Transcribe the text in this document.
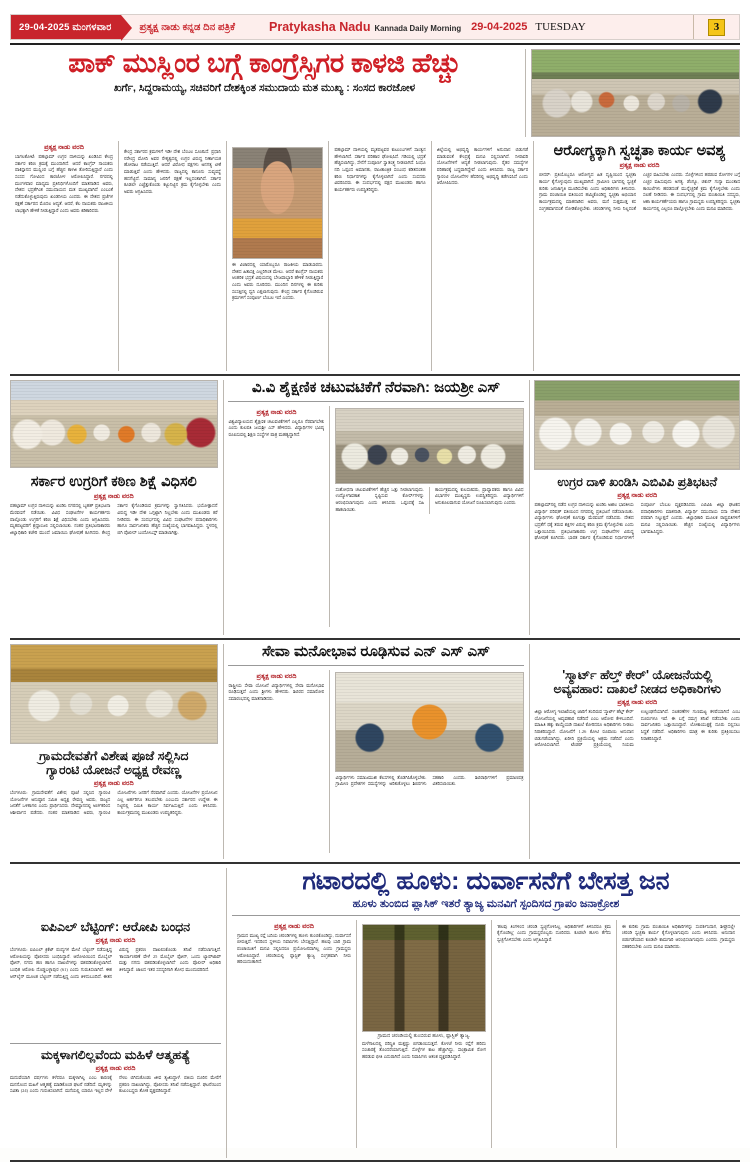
29-04-2025 ಮಂಗಳವಾರ	ಪ್ರತ್ಯಕ್ಷ ನಾಡು ಕನ್ನಡ ದಿನ ಪತ್ರಿಕೆ	Pratykasha Nadu Kannada Daily Morning 29-04-2025 TUESDAY	3
ಪಾಕ್ ಮುಸ್ಲಿಂರ ಬಗ್ಗೆ ಕಾಂಗ್ರೆಸ್ಸಿಗರ ಕಾಳಜಿ ಹೆಚ್ಚು
ಖರ್ಗೆ, ಸಿದ್ದರಾಮಯ್ಯ, ಸಚಿವರಿಗೆ ದೇಶಕ್ಕಿಂತ ಸಮುದಾಯ ಮತ ಮುಖ್ಯ : ಸಂಸದ ಕಾರಜೋಳ
ಪ್ರತ್ಯಕ್ಷ ನಾಡು ವರದಿ
ಬಾಗಲಕೋಟೆ: ಪಹಲ್ಗಾಮ್ ಉಗ್ರರ ದಾಳಿಯನ್ನು ಖಂಡಿಸಿದ ಕೇಂದ್ರ ಸರ್ಕಾರ ಕಠಿಣ ಕ್ರಮಕ್ಕೆ ಮುಂದಾಗಿದೆ. ಆದರೆ ಕಾಂಗ್ರೆಸ್ ನಾಯಕರು ಪಾಕಿಸ್ತಾನದ ಮುಸ್ಲಿಂರ ಬಗ್ಗೆ ಹೆಚ್ಚಿನ ಕಾಳಜಿ ತೋರಿಸುತ್ತಿದ್ದಾರೆ ಎಂದು ಸಂಸದ ಗೋವಿಂದ ಕಾರಜೋಳ ಆರೋಪಿಸಿದ್ದಾರೆ. ನಗರದಲ್ಲಿ ಮಂಗಳವಾರ ಮಾಧ್ಯಮ ಪ್ರತಿನಿಧಿಗಳೊಂದಿಗೆ ಮಾತನಾಡಿದ ಅವರು, ದೇಶದ ಭದ್ರತೆಗಿಂತ ಸಮುದಾಯದ ಮತ ಮುಖ್ಯವಾಗಿದೆ ಎಂಬಂತೆ ನಡೆದುಕೊಳ್ಳುತ್ತಿರುವುದು ಖಂಡನೀಯ ಎಂದರು. ಈ ದೇಶದ ಪ್ರಜೆಗಳ ರಕ್ಷಣೆ ಸರ್ಕಾರದ ಮೊದಲ ಆದ್ಯತೆ. ಆದರೆ, ಕೆಲ ನಾಯಕರು ರಾಜಕೀಯ ಲಾಭಕ್ಕಾಗಿ ಹೇಳಿಕೆ ನೀಡುತ್ತಿದ್ದಾರೆ ಎಂದು ಅವರು ಕಿಡಿಕಾರಿದರು.
ಕೇಂದ್ರ ಸರ್ಕಾರದ ಕ್ರಮಗಳಿಗೆ ಇಡೀ ದೇಶ ಬೆಂಬಲ ಸೂಚಿಸಿದೆ. ಪ್ರಧಾನಿ ನರೇಂದ್ರ ಮೋದಿ ಅವರ ನೇತೃತ್ವದಲ್ಲಿ ಉಗ್ರರ ವಿರುದ್ಧ ನಿರ್ಣಾಯಕ ಹೋರಾಟ ನಡೆಯುತ್ತಿದೆ. ಆದರೆ ವಿರೋಧ ಪಕ್ಷಗಳು ಅನಗತ್ಯ ಟೀಕೆ ಮಾಡುತ್ತಿವೆ ಎಂದು ಹೇಳಿದರು. ರಾಜ್ಯದಲ್ಲಿ ಕಾನೂನು ಸುವ್ಯವಸ್ಥೆ ಹದಗೆಟ್ಟಿದೆ. ಸಾಮಾನ್ಯ ಜನರಿಗೆ ರಕ್ಷಣೆ ಇಲ್ಲದಂತಾಗಿದೆ. ಸರ್ಕಾರ ಕೂಡಲೇ ಎಚ್ಚೆತ್ತುಕೊಂಡು ಕಟ್ಟುನಿಟ್ಟಿನ ಕ್ರಮ ಕೈಗೊಳ್ಳಬೇಕು ಎಂದು ಅವರು ಆಗ್ರಹಿಸಿದರು.
ಈ ವಿಚಾರದಲ್ಲಿ ಯಾರೊಬ್ಬರೂ ರಾಜಕೀಯ ಮಾಡಬಾರದು. ದೇಶದ ಹಿತಾಸಕ್ತಿ ಎಲ್ಲರಿಗಿಂತ ಮೇಲು. ಆದರೆ ಕಾಂಗ್ರೆಸ್ ನಾಯಕರು ಆಂತರಿಕ ಭದ್ರತೆ ವಿಷಯದಲ್ಲಿ ಬೇಜವಾಬ್ದಾರಿ ಹೇಳಿಕೆ ನೀಡುತ್ತಿದ್ದಾರೆ ಎಂದು ಅವರು ದೂರಿದರು. ಮುಂದಿನ ದಿನಗಳಲ್ಲಿ ಈ ಕುರಿತು ಸಂಸತ್ತಿನಲ್ಲಿ ಧ್ವನಿ ಎತ್ತಲಾಗುವುದು. ಕೇಂದ್ರ ಸರ್ಕಾರ ಕೈಗೊಂಡಿರುವ ಕ್ರಮಗಳಿಗೆ ಸಂಪೂರ್ಣ ಬೆಂಬಲ ಇದೆ ಎಂದರು.
ಪಹಲ್ಗಾಮ್ ದಾಳಿಯಲ್ಲಿ ಮೃತಪಟ್ಟವರ ಕುಟುಂಬಗಳಿಗೆ ಸಾಂತ್ವನ ಹೇಳಲಾಗಿದೆ. ಸರ್ಕಾರ ಪರಿಹಾರ ಘೋಷಿಸಿದೆ. ಗಡಿಯಲ್ಲಿ ಭದ್ರತೆ ಹೆಚ್ಚಿಸಲಾಗಿದ್ದು, ಸೇನೆಗೆ ಸಂಪೂರ್ಣ ಸ್ವಾತಂತ್ರ್ಯ ನೀಡಲಾಗಿದೆ. ಸಿಂಧೂ ನದಿ ಒಪ್ಪಂದ ಅಮಾನತು, ರಾಜತಾಂತ್ರಿಕ ಸಂಬಂಧ ಕಡಿತದಂತಹ ಕಠಿಣ ನಿರ್ಧಾರಗಳನ್ನು ಕೈಗೊಳ್ಳಲಾಗಿದೆ ಎಂದು ಸಂಸದರು ವಿವರಿಸಿದರು. ಈ ಸಂದರ್ಭದಲ್ಲಿ ಪಕ್ಷದ ಮುಖಂಡರು ಹಾಗೂ ಕಾರ್ಯಕರ್ತರು ಉಪಸ್ಥಿತರಿದ್ದರು.
ಜಿಲ್ಲೆಯಲ್ಲಿ ಅಭಿವೃದ್ಧಿ ಕಾರ್ಯಗಳಿಗೆ ಅನುದಾನ ಬಿಡುಗಡೆ ಮಾಡುವಂತೆ ಕೇಂದ್ರಕ್ಕೆ ಮನವಿ ಸಲ್ಲಿಸಲಾಗಿದೆ. ನೀರಾವರಿ ಯೋಜನೆಗಳಿಗೆ ಆದ್ಯತೆ ನೀಡಲಾಗುವುದು. ರೈತರ ಸಮಸ್ಯೆಗಳ ಪರಿಹಾರಕ್ಕೆ ಬದ್ಧವಾಗಿದ್ದೇವೆ ಎಂದು ತಿಳಿಸಿದರು. ರಾಜ್ಯ ಸರ್ಕಾರ ಗ್ಯಾರಂಟಿ ಯೋಜನೆಗಳ ಹೆಸರಿನಲ್ಲಿ ಅಭಿವೃದ್ಧಿ ಕಡೆಗಣಿಸಿದೆ ಎಂದು ಆರೋಪಿಸಿದರು.
ಆರೋಗ್ಯಕ್ಕಾಗಿ ಸ್ವಚ್ಛತಾ ಕಾರ್ಯ ಅವಶ್ಯ
ಪ್ರತ್ಯಕ್ಷ ನಾಡು ವರದಿ
ಬೀದರ್: ಪ್ರತಿಯೊಬ್ಬರೂ ಆರೋಗ್ಯದ ಹಿತ ದೃಷ್ಟಿಯಿಂದ ಸ್ವಚ್ಛತಾ ಕಾರ್ಯ ಕೈಗೊಳ್ಳುವುದು ಮುಖ್ಯವಾಗಿದೆ. ಗ್ರಾಮೀಣ ಭಾಗದಲ್ಲಿ ಸ್ವಚ್ಛತೆ ಕುರಿತು ಜನಜಾಗೃತಿ ಮೂಡಿಸಬೇಕು ಎಂದು ಅಧಿಕಾರಿಗಳು ತಿಳಿಸಿದರು. ಗ್ರಾಮ ಪಂಚಾಯಿತಿ ವತಿಯಿಂದ ಹಮ್ಮಿಕೊಂಡಿದ್ದ ಸ್ವಚ್ಛತಾ ಅಭಿಯಾನ ಕಾರ್ಯಕ್ರಮದಲ್ಲಿ ಮಾತನಾಡಿದ ಅವರು, ಮನೆ ಸುತ್ತಮುತ್ತ ಕಸ ಸಂಗ್ರಹವಾಗದಂತೆ ನೋಡಿಕೊಳ್ಳಬೇಕು. ಚರಂಡಿಗಳಲ್ಲಿ ನೀರು ನಿಲ್ಲದಂತೆ ಎಚ್ಚರ ವಹಿಸಬೇಕು ಎಂದರು. ಸೊಳ್ಳೆಗಳಿಂದ ಹರಡುವ ರೋಗಗಳ ಬಗ್ಗೆ ಎಚ್ಚರ ವಹಿಸುವುದು ಅಗತ್ಯ. ಡೆಂಗ್ಯೂ, ಚಿಕುನ್ ಗುನ್ಯಾ ಮುಂತಾದ ಕಾಯಿಲೆಗಳು ಹರಡದಂತೆ ಮುನ್ನೆಚ್ಚರಿಕೆ ಕ್ರಮ ಕೈಗೊಳ್ಳಬೇಕು ಎಂದು ಸಲಹೆ ನೀಡಿದರು. ಈ ಸಂದರ್ಭದಲ್ಲಿ ಗ್ರಾಮ ಪಂಚಾಯಿತಿ ಸದಸ್ಯರು, ಆಶಾ ಕಾರ್ಯಕರ್ತೆಯರು ಹಾಗೂ ಗ್ರಾಮಸ್ಥರು ಉಪಸ್ಥಿತರಿದ್ದರು. ಸ್ವಚ್ಛತಾ ಕಾರ್ಯದಲ್ಲಿ ಎಲ್ಲರೂ ಪಾಲ್ಗೊಳ್ಳಬೇಕು ಎಂದು ಮನವಿ ಮಾಡಿದರು.
ಸರ್ಕಾರ ಉಗ್ರರಿಗೆ ಕಠಿಣ ಶಿಕ್ಷೆ ವಿಧಿಸಲಿ
ಪ್ರತ್ಯಕ್ಷ ನಾಡು ವರದಿ
ಪಹಲ್ಗಾಮ್ ಉಗ್ರರ ದಾಳಿಯನ್ನು ಖಂಡಿಸಿ ನಗರದಲ್ಲಿ ಬೃಹತ್ ಪ್ರತಿಭಟನಾ ಮೆರವಣಿಗೆ ನಡೆಯಿತು. ವಿವಿಧ ಸಂಘಟನೆಗಳ ಕಾರ್ಯಕರ್ತರು ಪಾಲ್ಗೊಂಡು ಉಗ್ರರಿಗೆ ಕಠಿಣ ಶಿಕ್ಷೆ ವಿಧಿಸಬೇಕು ಎಂದು ಆಗ್ರಹಿಸಿದರು. ಮೃತಪಟ್ಟವರಿಗೆ ಶ್ರದ್ಧಾಂಜಲಿ ಸಲ್ಲಿಸಲಾಯಿತು. ನಂತರ ಪ್ರತಿಭಟನಾಕಾರರು ಜಿಲ್ಲಾಧಿಕಾರಿ ಕಚೇರಿ ಮುಂದೆ ಜಮಾಯಿಸಿ ಘೋಷಣೆ ಕೂಗಿದರು. ಕೇಂದ್ರ ಸರ್ಕಾರ ಕೈಗೊಂಡಿರುವ ಕ್ರಮಗಳನ್ನು ಸ್ವಾಗತಿಸಿದರು. ಭಯೋತ್ಪಾದನೆ ವಿರುದ್ಧ ಇಡೀ ದೇಶ ಒಗ್ಗಟ್ಟಾಗಿ ನಿಲ್ಲಬೇಕು ಎಂದು ಮುಖಂಡರು ಕರೆ ನೀಡಿದರು. ಈ ಸಂದರ್ಭದಲ್ಲಿ ವಿವಿಧ ಸಂಘಟನೆಗಳ ಪದಾಧಿಕಾರಿಗಳು ಹಾಗೂ ಸಾರ್ವಜನಿಕರು ಹೆಚ್ಚಿನ ಸಂಖ್ಯೆಯಲ್ಲಿ ಭಾಗವಹಿಸಿದ್ದರು. ಸ್ಥಳದಲ್ಲಿ ಬಿಗಿ ಪೊಲೀಸ್ ಬಂದೋಬಸ್ತ್ ಮಾಡಲಾಗಿತ್ತು.
ವಿ.ವಿ ಶೈಕ್ಷಣಿಕ ಚಟುವಟಿಕೆಗೆ ನೆರವಾಗಿ: ಜಯಶ್ರೀ ಎಸ್
ಪ್ರತ್ಯಕ್ಷ ನಾಡು ವರದಿ
ವಿಶ್ವವಿದ್ಯಾಲಯದ ಶೈಕ್ಷಣಿಕ ಚಟುವಟಿಕೆಗಳಿಗೆ ಎಲ್ಲರೂ ನೆರವಾಗಬೇಕು ಎಂದು ಕುಲಪತಿ ಜಯಶ್ರೀ ಎಸ್ ಹೇಳಿದರು. ವಿದ್ಯಾರ್ಥಿಗಳ ಭವಿಷ್ಯ ರೂಪಿಸುವಲ್ಲಿ ಶಿಕ್ಷಣ ಸಂಸ್ಥೆಗಳ ಪಾತ್ರ ಮಹತ್ವದ್ದಾಗಿದೆ.
ಸಂಶೋಧನಾ ಚಟುವಟಿಕೆಗಳಿಗೆ ಹೆಚ್ಚಿನ ಒತ್ತು ನೀಡಲಾಗುವುದು. ಉದ್ಯೋಗಾವಕಾಶ ಸೃಷ್ಟಿಸುವ ಕೋರ್ಸ್‌ಗಳನ್ನು ಆರಂಭಿಸಲಾಗುವುದು ಎಂದು ತಿಳಿಸಿದರು. ಒಪ್ಪಂದಕ್ಕೆ ಸಹಿ ಹಾಕಲಾಯಿತು.
ಕಾರ್ಯಕ್ರಮದಲ್ಲಿ ಕುಲಸಚಿವರು, ಪ್ರಾಧ್ಯಾಪಕರು ಹಾಗೂ ವಿವಿಧ ವಿಭಾಗಗಳ ಮುಖ್ಯಸ್ಥರು ಉಪಸ್ಥಿತರಿದ್ದರು. ವಿದ್ಯಾರ್ಥಿಗಳಿಗೆ ಅನುಕೂಲವಾಗುವ ಯೋಜನೆ ರೂಪಿಸಲಾಗುವುದು ಎಂದರು.
ಉಗ್ರರ ದಾಳಿ ಖಂಡಿಸಿ ಎಬಿವಿಪಿ ಪ್ರತಿಭಟನೆ
ಪ್ರತ್ಯಕ್ಷ ನಾಡು ವರದಿ
ಪಹಲ್ಗಾಮ್‌ನಲ್ಲಿ ನಡೆದ ಉಗ್ರರ ದಾಳಿಯನ್ನು ಖಂಡಿಸಿ ಅಖಿಲ ಭಾರತೀಯ ವಿದ್ಯಾರ್ಥಿ ಪರಿಷತ್ ವತಿಯಿಂದ ನಗರದಲ್ಲಿ ಪ್ರತಿಭಟನೆ ನಡೆಸಲಾಯಿತು. ವಿದ್ಯಾರ್ಥಿಗಳು ಘೋಷಣೆ ಕೂಗುತ್ತಾ ಮೆರವಣಿಗೆ ನಡೆಸಿದರು. ದೇಶದ ಭದ್ರತೆಗೆ ಧಕ್ಕೆ ತರುವ ಶಕ್ತಿಗಳ ವಿರುದ್ಧ ಕಠಿಣ ಕ್ರಮ ಕೈಗೊಳ್ಳಬೇಕು ಎಂದು ಒತ್ತಾಯಿಸಿದರು. ಪ್ರತಿಭಟನಾಕಾರರು ಉಗ್ರ ಸಂಘಟನೆಗಳ ವಿರುದ್ಧ ಘೋಷಣೆ ಕೂಗಿದರು. ಭಾರತ ಸರ್ಕಾರ ಕೈಗೊಂಡಿರುವ ನಿರ್ಧಾರಗಳಿಗೆ ಸಂಪೂರ್ಣ ಬೆಂಬಲ ವ್ಯಕ್ತಪಡಿಸಿದರು. ಎಬಿವಿಪಿ ಜಿಲ್ಲಾ ಘಟಕದ ಪದಾಧಿಕಾರಿಗಳು ಮಾತನಾಡಿ, ವಿದ್ಯಾರ್ಥಿ ಸಮುದಾಯ ಸದಾ ದೇಶದ ಪರವಾಗಿ ನಿಲ್ಲುತ್ತದೆ ಎಂದರು. ಜಿಲ್ಲಾಧಿಕಾರಿ ಮೂಲಕ ರಾಷ್ಟ್ರಪತಿಗಳಿಗೆ ಮನವಿ ಸಲ್ಲಿಸಲಾಯಿತು. ಹೆಚ್ಚಿನ ಸಂಖ್ಯೆಯಲ್ಲಿ ವಿದ್ಯಾರ್ಥಿಗಳು ಭಾಗವಹಿಸಿದ್ದರು.
ಗ್ರಾಮದೇವತೆಗೆ ವಿಶೇಷ ಪೂಜೆ ಸಲ್ಲಿಸಿದ
ಗ್ಯಾರಂಟಿ ಯೋಜನೆ ಅಧ್ಯಕ್ಷ ರೇವಣ್ಣ
ಪ್ರತ್ಯಕ್ಷ ನಾಡು ವರದಿ
ಬೆಂಗಳೂರು: ಗ್ರಾಮದೇವತೆಗೆ ವಿಶೇಷ ಪೂಜೆ ಸಲ್ಲಿಸಿದ ಗ್ಯಾರಂಟಿ ಯೋಜನೆಗಳ ಅನುಷ್ಠಾನ ಸಮಿತಿ ಅಧ್ಯಕ್ಷ ರೇವಣ್ಣ ಅವರು, ರಾಜ್ಯದ ಜನತೆಗೆ ಒಳಿತಾಗಲಿ ಎಂದು ಪ್ರಾರ್ಥಿಸಿದರು. ದೇವಸ್ಥಾನದಲ್ಲಿ ಅರ್ಚಕರಿಂದ ಆಶೀರ್ವಾದ ಪಡೆದರು. ನಂತರ ಮಾತನಾಡಿದ ಅವರು, ಗ್ಯಾರಂಟಿ ಯೋಜನೆಗಳು ಜನರಿಗೆ ನೆರವಾಗಿವೆ ಎಂದರು. ಯೋಜನೆಗಳ ಪ್ರಯೋಜನ ಎಲ್ಲ ಅರ್ಹರಿಗೂ ತಲುಪಬೇಕು ಎಂಬುದು ಸರ್ಕಾರದ ಉದ್ದೇಶ. ಈ ನಿಟ್ಟಿನಲ್ಲಿ ಸಮಿತಿ ಕಾರ್ಯ ನಿರ್ವಹಿಸುತ್ತಿದೆ ಎಂದು ತಿಳಿಸಿದರು. ಕಾರ್ಯಕ್ರಮದಲ್ಲಿ ಮುಖಂಡರು ಉಪಸ್ಥಿತರಿದ್ದರು.
ಸೇವಾ ಮನೋಭಾವ ರೂಢಿಸುವ ಎನ್ ಎಸ್ ಎಸ್
ಪ್ರತ್ಯಕ್ಷ ನಾಡು ವರದಿ
ರಾಷ್ಟ್ರೀಯ ಸೇವಾ ಯೋಜನೆ ವಿದ್ಯಾರ್ಥಿಗಳಲ್ಲಿ ಸೇವಾ ಮನೋಭಾವ ರೂಢಿಸುತ್ತದೆ ಎಂದು ಶ್ರೀಗಳು ಹೇಳಿದರು. ಶಿಬಿರದ ಸಮಾರೋಪ ಸಮಾರಂಭದಲ್ಲಿ ಮಾತನಾಡಿದರು.
ವಿದ್ಯಾರ್ಥಿಗಳು ಸಮಾಜಮುಖಿ ಕೆಲಸಗಳಲ್ಲಿ ತೊಡಗಿಸಿಕೊಳ್ಳಬೇಕು. ಗ್ರಾಮೀಣ ಪ್ರದೇಶಗಳ ಸಮಸ್ಯೆಗಳನ್ನು ಅರಿತುಕೊಳ್ಳಲು ಶಿಬಿರಗಳು ಸಹಕಾರಿ ಎಂದರು. ಶಿಬಿರಾರ್ಥಿಗಳಿಗೆ ಪ್ರಮಾಣಪತ್ರ ವಿತರಿಸಲಾಯಿತು.
'ಸ್ಮಾರ್ಟ್ ಹೆಲ್ತ್ ಕೇರ್' ಯೋಜನೆಯಲ್ಲಿ
ಅವ್ಯವಹಾರ: ದಾಖಲೆ ನೀಡದ ಅಧಿಕಾರಿಗಳು
ಪ್ರತ್ಯಕ್ಷ ನಾಡು ವರದಿ
ಜಿಲ್ಲಾ ಆರೋಗ್ಯ ಇಲಾಖೆಯಲ್ಲಿ ಜಾರಿಗೆ ತಂದಿರುವ 'ಸ್ಮಾರ್ಟ್ ಹೆಲ್ತ್ ಕೇರ್' ಯೋಜನೆಯಲ್ಲಿ ಅವ್ಯವಹಾರ ನಡೆದಿದೆ ಎಂಬ ಆರೋಪ ಕೇಳಿಬಂದಿದೆ. ಮಾಹಿತಿ ಹಕ್ಕು ಕಾಯ್ದೆಯಡಿ ದಾಖಲೆ ಕೋರಿದರೂ ಅಧಿಕಾರಿಗಳು ನೀಡಲು ನಿರಾಕರಿಸಿದ್ದಾರೆ. ಯೋಜನೆಗೆ 1.26 ಕೋಟಿ ರೂಪಾಯಿ ಅನುದಾನ ಬಿಡುಗಡೆಯಾಗಿದ್ದು, ಖರೀದಿ ಪ್ರಕ್ರಿಯೆಯಲ್ಲಿ ಅಕ್ರಮ ನಡೆದಿದೆ ಎಂದು ಆರೋಪಿಸಲಾಗಿದೆ. ಟೆಂಡರ್ ಪ್ರಕ್ರಿಯೆಯಲ್ಲಿ ನಿಯಮ ಉಲ್ಲಂಘನೆಯಾಗಿದೆ. ಸಲಕರಣೆಗಳ ಗುಣಮಟ್ಟ ಕಳಪೆಯಾಗಿದೆ ಎಂಬ ದೂರುಗಳೂ ಇವೆ. ಈ ಬಗ್ಗೆ ಸಮಗ್ರ ತನಿಖೆ ನಡೆಸಬೇಕು ಎಂದು ಸಾರ್ವಜನಿಕರು ಒತ್ತಾಯಿಸಿದ್ದಾರೆ. ಲೋಕಾಯುಕ್ತಕ್ಕೆ ದೂರು ಸಲ್ಲಿಸಲು ಸಿದ್ಧತೆ ನಡೆದಿದೆ. ಅಧಿಕಾರಿಗಳು ಮಾತ್ರ ಈ ಕುರಿತು ಪ್ರತಿಕ್ರಿಯಿಸಲು ನಿರಾಕರಿಸಿದ್ದಾರೆ.
ಐಪಿಎಲ್ ಬೆಟ್ಟಿಂಗ್: ಆರೋಪಿ ಬಂಧನ
ಪ್ರತ್ಯಕ್ಷ ನಾಡು ವರದಿ
ಬೆಂಗಳೂರು: ಐಪಿಎಲ್ ಕ್ರಿಕೆಟ್ ಪಂದ್ಯಗಳ ಮೇಲೆ ಬೆಟ್ಟಿಂಗ್ ನಡೆಸುತ್ತಿದ್ದ ಆರೋಪಿಯನ್ನು ಪೊಲೀಸರು ಬಂಧಿಸಿದ್ದಾರೆ. ಆರೋಪಿಯಿಂದ ಮೊಬೈಲ್ ಫೋನ್, ನಗದು ಹಣ ಹಾಗೂ ದಾಖಲೆಗಳನ್ನು ವಶಪಡಿಸಿಕೊಳ್ಳಲಾಗಿದೆ. ಬಂಧಿತ ಆರೋಪಿ ದೊಡ್ಡಬಳ್ಳಾಪುರ (61) ಎಂದು ಗುರುತಿಸಲಾಗಿದೆ. ಈತ ಆನ್‌ಲೈನ್ ಮೂಲಕ ಬೆಟ್ಟಿಂಗ್ ನಡೆಸುತ್ತಿದ್ದ ಎಂದು ತಿಳಿದುಬಂದಿದೆ. ಈತನ ವಿರುದ್ಧ ಪ್ರಕರಣ ದಾಖಲಿಸಿಕೊಂಡು ತನಿಖೆ ನಡೆಸಲಾಗುತ್ತಿದೆ. 'ಕಾರ್ಯಾಚರಣೆ ವೇಳೆ 25 ಮೊಬೈಲ್ ಫೋನ್, ಒಂದು ಲ್ಯಾಪ್‌ಟಾಪ್ ಮತ್ತು ನಗದು ವಶಪಡಿಸಿಕೊಳ್ಳಲಾಗಿದೆ' ಎಂದು ಪೊಲೀಸ್ ಅಧಿಕಾರಿ ತಿಳಿಸಿದ್ದಾರೆ. ಜಾಲದ ಇತರ ಸದಸ್ಯರಿಗಾಗಿ ಶೋಧ ಮುಂದುವರಿದಿದೆ.
ಮಕ್ಕಳಾಗಲಿಲ್ಲವೆಂದು ಮಹಿಳೆ ಆತ್ಮಹತ್ಯೆ
ಪ್ರತ್ಯಕ್ಷ ನಾಡು ವರದಿ
ಮದುವೆಯಾಗಿ ವರ್ಷಗಳು ಕಳೆದರೂ ಮಕ್ಕಳಾಗಿಲ್ಲ ಎಂಬ ಕಾರಣಕ್ಕೆ ಮನನೊಂದ ಮಹಿಳೆ ಆತ್ಮಹತ್ಯೆ ಮಾಡಿಕೊಂಡ ಘಟನೆ ನಡೆದಿದೆ. ಮೃತಳನ್ನು ಸವಿತಾ (24) ಎಂದು ಗುರುತಿಸಲಾಗಿದೆ. ಮನೆಯಲ್ಲಿ ಯಾರೂ ಇಲ್ಲದ ವೇಳೆ ನೇಣು ಬಿಗಿದುಕೊಂಡು ಜೀವ ತ್ಯಜಿಸಿದ್ದಾಳೆ. ಪತಿಯ ದೂರಿನ ಮೇರೆಗೆ ಪ್ರಕರಣ ದಾಖಲಾಗಿದ್ದು, ಪೊಲೀಸರು ತನಿಖೆ ನಡೆಸುತ್ತಿದ್ದಾರೆ. ಘಟನೆಯಿಂದ ಕುಟುಂಬಸ್ಥರು ಶೋಕ ವ್ಯಕ್ತಪಡಿಸಿದ್ದಾರೆ.
ಗಟಾರದಲ್ಲಿ ಹೂಳು: ದುರ್ವಾಸನೆಗೆ ಬೇಸತ್ತ ಜನ
ಹೂಳು ತುಂಬಿದ ಪ್ಲಾಸಿಕ್ ಇತರೆ ತ್ಯಾಜ್ಯ ಮನವಿಗೆ ಸ್ಪಂದಿಸದ ಗ್ರಾಪಂ ಜನಾಕ್ರೋಶ
ಪ್ರತ್ಯಕ್ಷ ನಾಡು ವರದಿ
ಗ್ರಾಮದ ಮುಖ್ಯ ರಸ್ತೆ ಬದಿಯ ಚರಂಡಿಗಳಲ್ಲಿ ಹೂಳು ತುಂಬಿಕೊಂಡಿದ್ದು, ದುರ್ವಾಸನೆ ಬೀರುತ್ತಿದೆ. ಇದರಿಂದ ಸ್ಥಳೀಯ ನಿವಾಸಿಗಳು ಬೇಸತ್ತಿದ್ದಾರೆ. ಹಲವು ಬಾರಿ ಗ್ರಾಮ ಪಂಚಾಯಿತಿಗೆ ಮನವಿ ಸಲ್ಲಿಸಿದರೂ ಪ್ರಯೋಜನವಾಗಿಲ್ಲ ಎಂದು ಗ್ರಾಮಸ್ಥರು ಆರೋಪಿಸಿದ್ದಾರೆ. ಚರಂಡಿಯಲ್ಲಿ ಪ್ಲಾಸ್ಟಿಕ್ ತ್ಯಾಜ್ಯ ಸಂಗ್ರಹವಾಗಿ ನೀರು ಹರಿಯದಂತಾಗಿದೆ.
ಗ್ರಾಮದ ಚರಂಡಿಯಲ್ಲಿ ತುಂಬಿರುವ ಹೂಳು, ಪ್ಲಾಸ್ಟಿಕ್ ತ್ಯಾಜ್ಯ.
ಮಳೆಗಾಲದಲ್ಲಿ ಪರಿಸ್ಥಿತಿ ಮತ್ತಷ್ಟು ಬಿಗಡಾಯಿಸುತ್ತದೆ. ಕೊಳಚೆ ನೀರು ರಸ್ತೆಗೆ ಹರಿದು ಸಂಚಾರಕ್ಕೆ ತೊಂದರೆಯಾಗುತ್ತಿದೆ. ಸೊಳ್ಳೆಗಳ ಕಾಟ ಹೆಚ್ಚಾಗಿದ್ದು, ಸಾಂಕ್ರಾಮಿಕ ರೋಗ ಹರಡುವ ಭೀತಿ ಎದುರಾಗಿದೆ ಎಂದು ನಿವಾಸಿಗಳು ಆತಂಕ ವ್ಯಕ್ತಪಡಿಸಿದ್ದಾರೆ.
'ಹಲವು ತಿಂಗಳಿಂದ ಚರಂಡಿ ಸ್ವಚ್ಛಗೊಳಿಸಿಲ್ಲ. ಅಧಿಕಾರಿಗಳಿಗೆ ತಿಳಿಸಿದರೂ ಕ್ರಮ ಕೈಗೊಂಡಿಲ್ಲ' ಎಂದು ಗ್ರಾಮಸ್ಥರೊಬ್ಬರು ದೂರಿದರು. ಕೂಡಲೇ ಹೂಳು ತೆಗೆದು ಸ್ವಚ್ಛಗೊಳಿಸಬೇಕು ಎಂದು ಆಗ್ರಹಿಸಿದ್ದಾರೆ.
ಈ ಕುರಿತು ಗ್ರಾಮ ಪಂಚಾಯಿತಿ ಅಧಿಕಾರಿಗಳನ್ನು ಸಂಪರ್ಕಿಸಿದಾಗ, ಶೀಘ್ರದಲ್ಲೇ ಚರಂಡಿ ಸ್ವಚ್ಛತಾ ಕಾರ್ಯ ಕೈಗೊಳ್ಳಲಾಗುವುದು ಎಂದು ತಿಳಿಸಿದರು. ಅನುದಾನ ಬಿಡುಗಡೆಯಾದ ಕೂಡಲೇ ಕಾಮಗಾರಿ ಆರಂಭಿಸಲಾಗುವುದು ಎಂದರು. ಗ್ರಾಮಸ್ಥರು ಸಹಕರಿಸಬೇಕು ಎಂದು ಮನವಿ ಮಾಡಿದರು.
